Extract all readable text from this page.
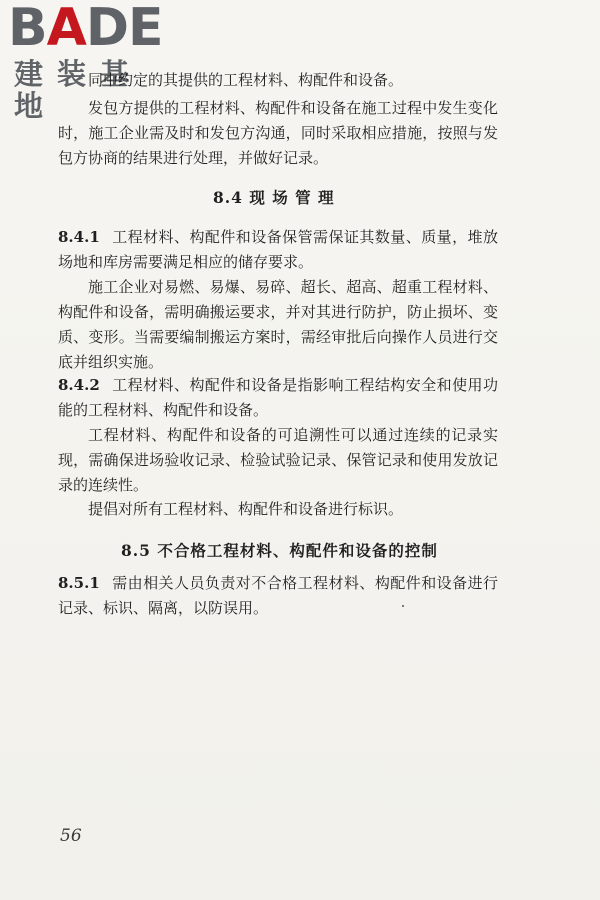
BADE
建装基地
同中约定的其提供的工程材料、构配件和设备。
发包方提供的工程材料、构配件和设备在施工过程中发生变化时，施工企业需及时和发包方沟通，同时采取相应措施，按照与发包方协商的结果进行处理，并做好记录。
8.4 现 场 管 理
8.4.1 工程材料、构配件和设备保管需保证其数量、质量，堆放场地和库房需要满足相应的储存要求。
施工企业对易燃、易爆、易碎、超长、超高、超重工程材料、构配件和设备，需明确搬运要求，并对其进行防护，防止损坏、变质、变形。当需要编制搬运方案时，需经审批后向操作人员进行交底并组织实施。
8.4.2 工程材料、构配件和设备是指影响工程结构安全和使用功能的工程材料、构配件和设备。
工程材料、构配件和设备的可追溯性可以通过连续的记录实现，需确保进场验收记录、检验试验记录、保管记录和使用发放记录的连续性。
提倡对所有工程材料、构配件和设备进行标识。
8.5 不合格工程材料、构配件和设备的控制
8.5.1 需由相关人员负责对不合格工程材料、构配件和设备进行记录、标识、隔离，以防误用。
56
